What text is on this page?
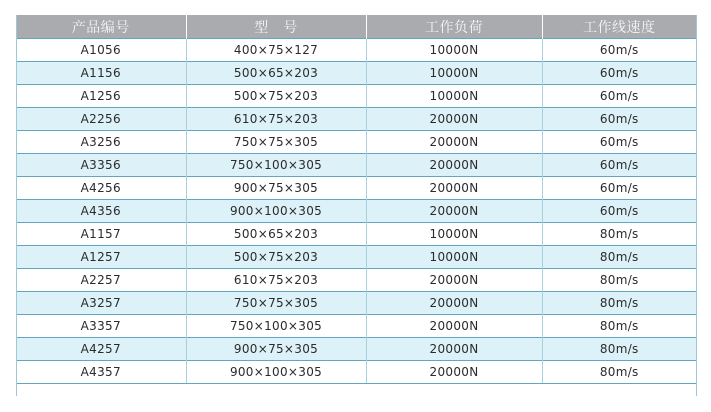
产品编号	型　号	工作负荷	工作线速度
A1056	400×75×127	10000N	60m/s
A1156	500×65×203	10000N	60m/s
A1256	500×75×203	10000N	60m/s
A2256	610×75×203	20000N	60m/s
A3256	750×75×305	20000N	60m/s
A3356	750×100×305	20000N	60m/s
A4256	900×75×305	20000N	60m/s
A4356	900×100×305	20000N	60m/s
A1157	500×65×203	10000N	80m/s
A1257	500×75×203	10000N	80m/s
A2257	610×75×203	20000N	80m/s
A3257	750×75×305	20000N	80m/s
A3357	750×100×305	20000N	80m/s
A4257	900×75×305	20000N	80m/s
A4357	900×100×305	20000N	80m/s
